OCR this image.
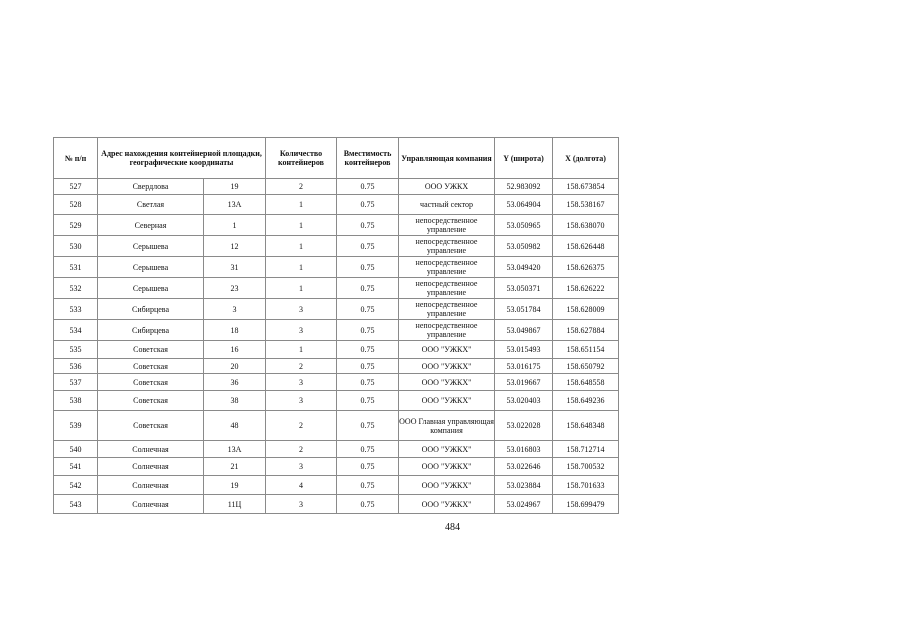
№ п/п	Адрес нахождения контейнерной площадки, географические координаты		Количество контейнеров	Вместимость контейнеров	Управляющая компания	Y (широта)	X (долгота)
527	Свердлова	19	2	0.75	ООО УЖКХ	52.983092	158.673854
528	Светлая	13А	1	0.75	частный сектор	53.064904	158.538167
529	Северная	1	1	0.75	непосредственное управление	53.050965	158.638070
530	Серышева	12	1	0.75	непосредственное управление	53.050982	158.626448
531	Серышева	31	1	0.75	непосредственное управление	53.049420	158.626375
532	Серышева	23	1	0.75	непосредственное управление	53.050371	158.626222
533	Сибирцева	3	3	0.75	непосредственное управление	53.051784	158.628009
534	Сибирцева	18	3	0.75	непосредственное управление	53.049867	158.627884
535	Советская	16	1	0.75	ООО "УЖКХ"	53.015493	158.651154
536	Советская	20	2	0.75	ООО "УЖКХ"	53.016175	158.650792
537	Советская	36	3	0.75	ООО "УЖКХ"	53.019667	158.648558
538	Советская	38	3	0.75	ООО "УЖКХ"	53.020403	158.649236
539	Советская	48	2	0.75	ООО Главная управляющая компания	53.022028	158.648348
540	Солнечная	13А	2	0.75	ООО "УЖКХ"	53.016803	158.712714
541	Солнечная	21	3	0.75	ООО "УЖКХ"	53.022646	158.700532
542	Солнечная	19	4	0.75	ООО "УЖКХ"	53.023884	158.701633
543	Солнечная	11Ц	3	0.75	ООО "УЖКХ"	53.024967	158.699479
484
